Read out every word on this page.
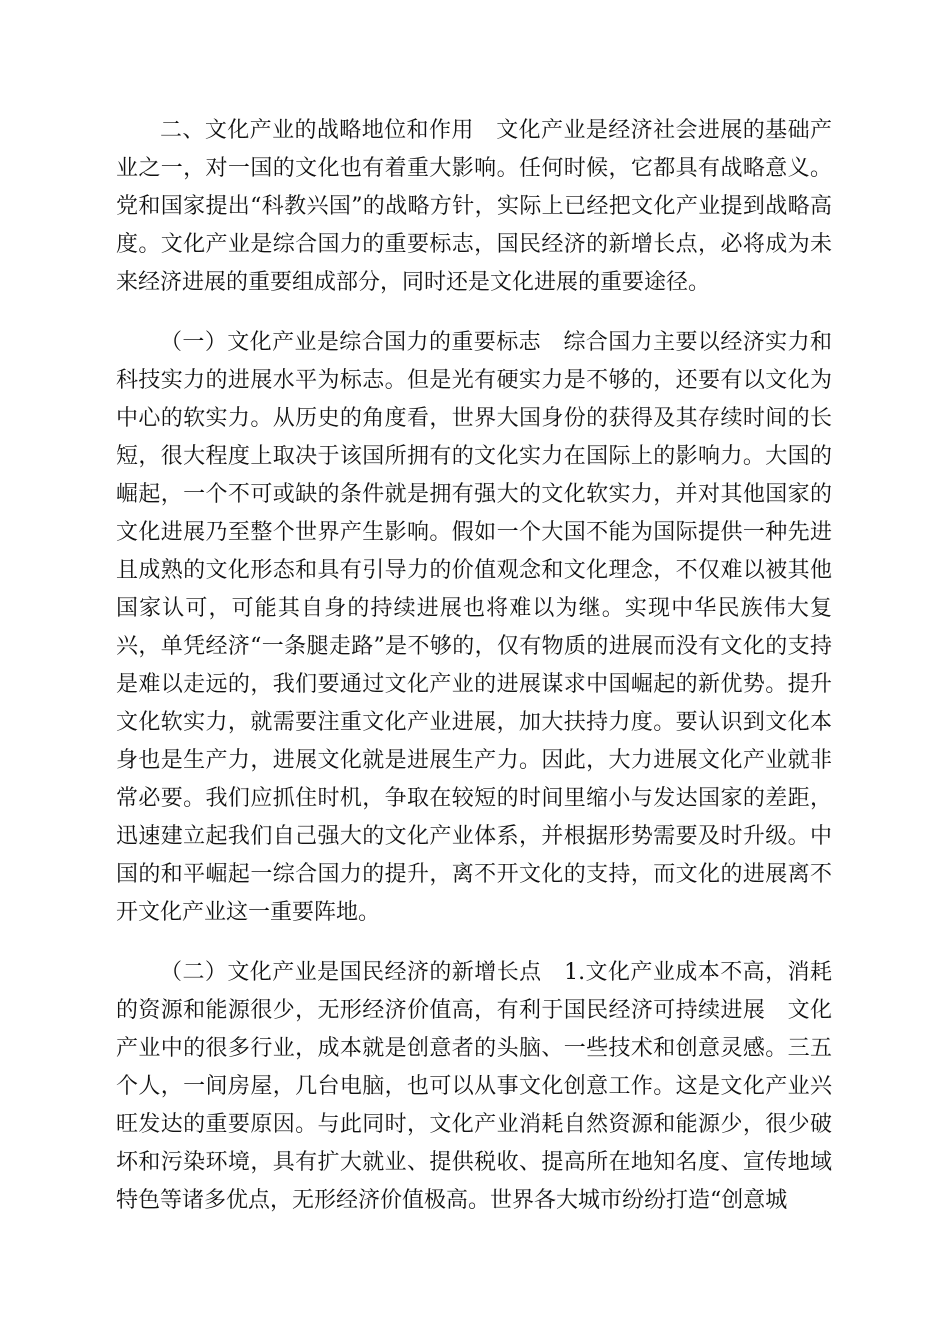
二、文化产业的战略地位和作用　文化产业是经济社会进展的基础产业之一，对一国的文化也有着重大影响。任何时候，它都具有战略意义。党和国家提出“科教兴国”的战略方针，实际上已经把文化产业提到战略高度。文化产业是综合国力的重要标志，国民经济的新增长点，必将成为未来经济进展的重要组成部分，同时还是文化进展的重要途径。

（一）文化产业是综合国力的重要标志　综合国力主要以经济实力和科技实力的进展水平为标志。但是光有硬实力是不够的，还要有以文化为中心的软实力。从历史的角度看，世界大国身份的获得及其存续时间的长短，很大程度上取决于该国所拥有的文化实力在国际上的影响力。大国的崛起，一个不可或缺的条件就是拥有强大的文化软实力，并对其他国家的文化进展乃至整个世界产生影响。假如一个大国不能为国际提供一种先进且成熟的文化形态和具有引导力的价值观念和文化理念，不仅难以被其他国家认可，可能其自身的持续进展也将难以为继。实现中华民族伟大复兴，单凭经济“一条腿走路”是不够的，仅有物质的进展而没有文化的支持是难以走远的，我们要通过文化产业的进展谋求中国崛起的新优势。提升文化软实力，就需要注重文化产业进展，加大扶持力度。要认识到文化本身也是生产力，进展文化就是进展生产力。因此，大力进展文化产业就非常必要。我们应抓住时机，争取在较短的时间里缩小与发达国家的差距，迅速建立起我们自己强大的文化产业体系，并根据形势需要及时升级。中国的和平崛起一综合国力的提升，离不开文化的支持，而文化的进展离不开文化产业这一重要阵地。

（二）文化产业是国民经济的新增长点　1.文化产业成本不高，消耗的资源和能源很少，无形经济价值高，有利于国民经济可持续进展　文化产业中的很多行业，成本就是创意者的头脑、一些技术和创意灵感。三五个人，一间房屋，几台电脑，也可以从事文化创意工作。这是文化产业兴旺发达的重要原因。与此同时，文化产业消耗自然资源和能源少，很少破坏和污染环境，具有扩大就业、提供税收、提高所在地知名度、宣传地域特色等诸多优点，无形经济价值极高。世界各大城市纷纷打造“创意城
